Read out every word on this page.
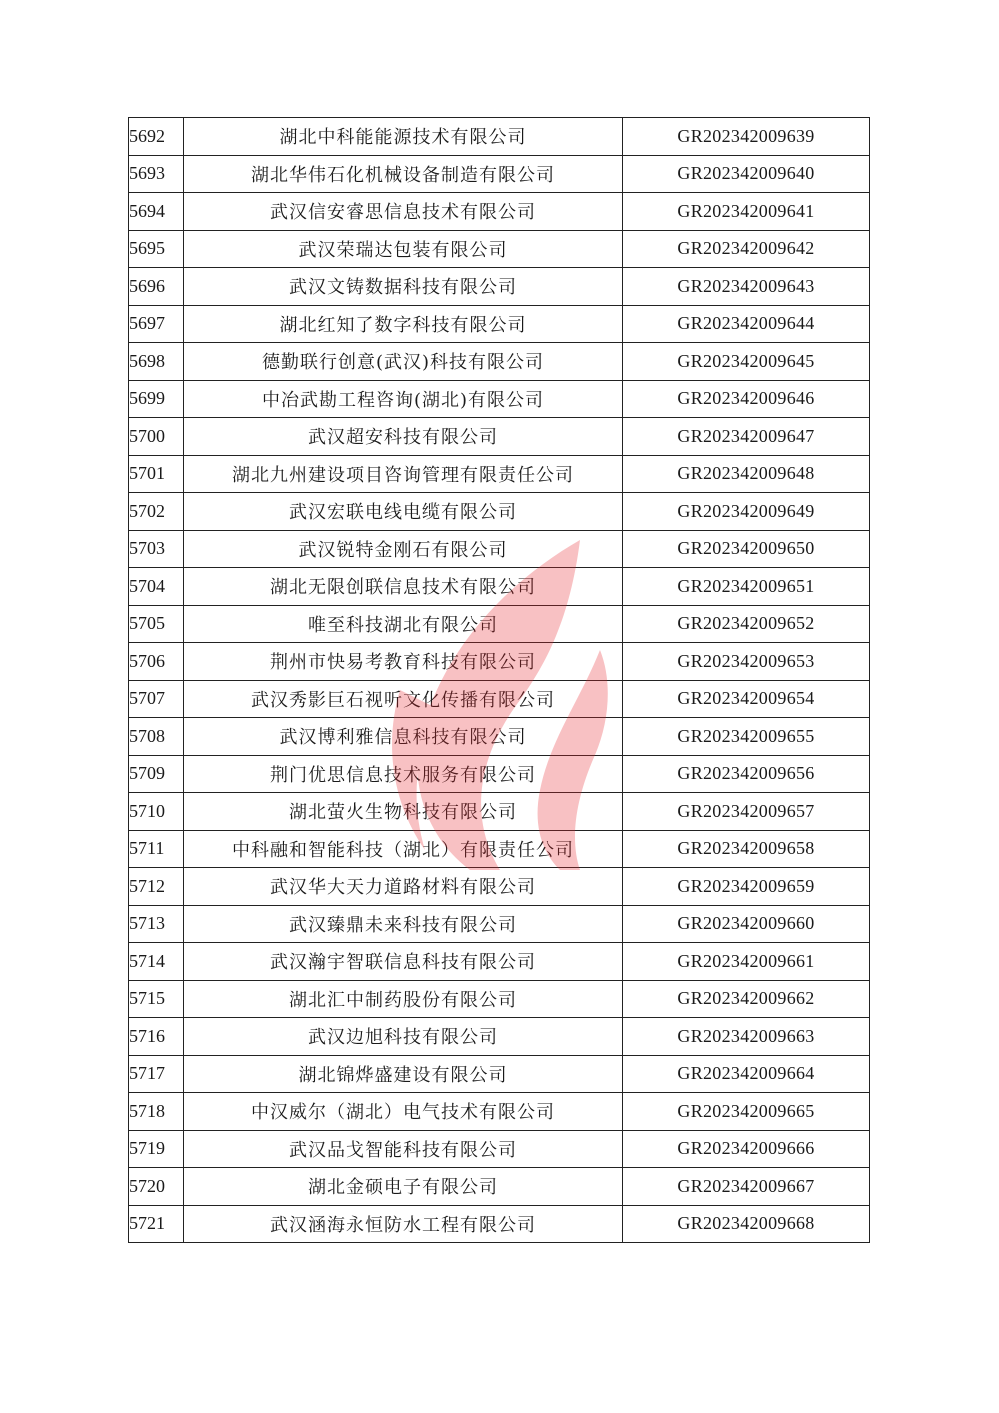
5692	湖北中科能能源技术有限公司	GR202342009639
5693	湖北华伟石化机械设备制造有限公司	GR202342009640
5694	武汉信安睿思信息技术有限公司	GR202342009641
5695	武汉荣瑞达包装有限公司	GR202342009642
5696	武汉文铸数据科技有限公司	GR202342009643
5697	湖北红知了数字科技有限公司	GR202342009644
5698	德勤联行创意(武汉)科技有限公司	GR202342009645
5699	中冶武勘工程咨询(湖北)有限公司	GR202342009646
5700	武汉超安科技有限公司	GR202342009647
5701	湖北九州建设项目咨询管理有限责任公司	GR202342009648
5702	武汉宏联电线电缆有限公司	GR202342009649
5703	武汉锐特金刚石有限公司	GR202342009650
5704	湖北无限创联信息技术有限公司	GR202342009651
5705	唯至科技湖北有限公司	GR202342009652
5706	荆州市快易考教育科技有限公司	GR202342009653
5707	武汉秀影巨石视听文化传播有限公司	GR202342009654
5708	武汉博利雅信息科技有限公司	GR202342009655
5709	荆门优思信息技术服务有限公司	GR202342009656
5710	湖北萤火生物科技有限公司	GR202342009657
5711	中科融和智能科技（湖北）有限责任公司	GR202342009658
5712	武汉华大天力道路材料有限公司	GR202342009659
5713	武汉臻鼎未来科技有限公司	GR202342009660
5714	武汉瀚宇智联信息科技有限公司	GR202342009661
5715	湖北汇中制药股份有限公司	GR202342009662
5716	武汉边旭科技有限公司	GR202342009663
5717	湖北锦烨盛建设有限公司	GR202342009664
5718	中汉威尔（湖北）电气技术有限公司	GR202342009665
5719	武汉品戈智能科技有限公司	GR202342009666
5720	湖北金硕电子有限公司	GR202342009667
5721	武汉涵海永恒防水工程有限公司	GR202342009668
